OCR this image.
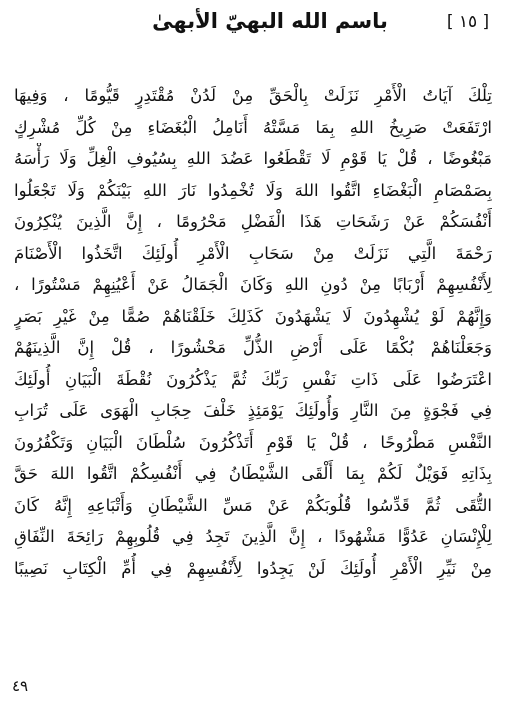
باسم الله البهيّ الأبهىٰ	[ ١٥ ]
تِلْكَ آيَاتُ الْأَمْرِ نَزَلَتْ بِالْحَقِّ مِنْ لَدُنْ مُقْتَدِرٍ قَيُّومًا ، وَفِيهَا
ارْتَفَعَتْ صَرِيخُ اللهِ بِمَا مَسَّتْهُ أَنَامِلُ الْبُغَضَاءِ مِنْ كُلِّ مُشْرِكٍ
مَبْغُوضًا ، قُلْ يَا قَوْمِ لَا تَقْطَعُوا عَضُدَ اللهِ بِسُيُوفِ الْغِلِّ وَلَا رَأْسَهُ
بِصَمْصَامِ الْبَغْضَاءِ اتَّقُوا اللهَ وَلَا تُخْمِدُوا نَارَ اللهِ بَيْنَكُمْ وَلَا تَجْعَلُوا
أَنْفُسَكُمْ عَنْ رَشَحَاتِ هَذَا الْفَضْلِ مَحْرُومًا ، إِنَّ الَّذِينَ يُنْكِرُونَ
رَحْمَةَ الَّتِي نَزَلَتْ مِنْ سَحَابِ الْأَمْرِ أُولَئِكَ اتَّخَذُوا الْأَصْنَامَ
لِأَنْفُسِهِمْ أَرْبَابًا مِنْ دُونِ اللهِ وَكَانَ الْجَمَالُ عَنْ أَعْيُنِهِمْ مَسْتُورًا ،
وَإِنَّهُمْ لَوْ يُشْهِدُونَ لَا يَشْهَدُونَ كَذَلِكَ خَلَقْنَاهُمْ صُمًّا مِنْ غَيْرِ بَصَرٍ
وَجَعَلْنَاهُمْ بُكْمًا عَلَى أَرْضِ الذُّلِّ مَحْشُورًا ، قُلْ إِنَّ الَّذِينَهُمْ
اعْتَرَضُوا عَلَى ذَاتِ نَفْسِ رَبِّكَ ثُمَّ يَذْكُرُونَ نُقْطَةَ الْبَيَانِ أُولَئِكَ
فِي فَجْوَةٍ مِنَ النَّارِ وَأُولَئِكَ يَوْمَئِذٍ خَلْفَ حِجَابِ الْهَوَى عَلَى تُرَابِ
النَّفْسِ مَطْرُوحًا ، قُلْ يَا قَوْمِ أَتَذْكُرُونَ سُلْطَانَ الْبَيَانِ وَتَكْفُرُونَ
بِذَاتِهِ فَوَيْلٌ لَكُمْ بِمَا أَلْقَى الشَّيْطَانُ فِي أَنْفُسِكُمْ اتَّقُوا اللهَ حَقَّ
التُّقَى ثُمَّ قَدِّسُوا قُلُوبَكُمْ عَنْ مَسِّ الشَّيْطَانِ وَأَتْبَاعِهِ إِنَّهُ كَانَ
لِلْإِنْسَانِ عَدُوًّا مَشْهُودًا ، إِنَّ الَّذِينَ تَجِدُ فِي قُلُوبِهِمْ رَائِحَةَ النِّفَاقِ
مِنْ نَيِّرِ الْأَمْرِ أُولَئِكَ لَنْ يَجِدُوا لِأَنْفُسِهِمْ فِي أُمِّ الْكِتَابِ نَصِيبًا
٤٩
